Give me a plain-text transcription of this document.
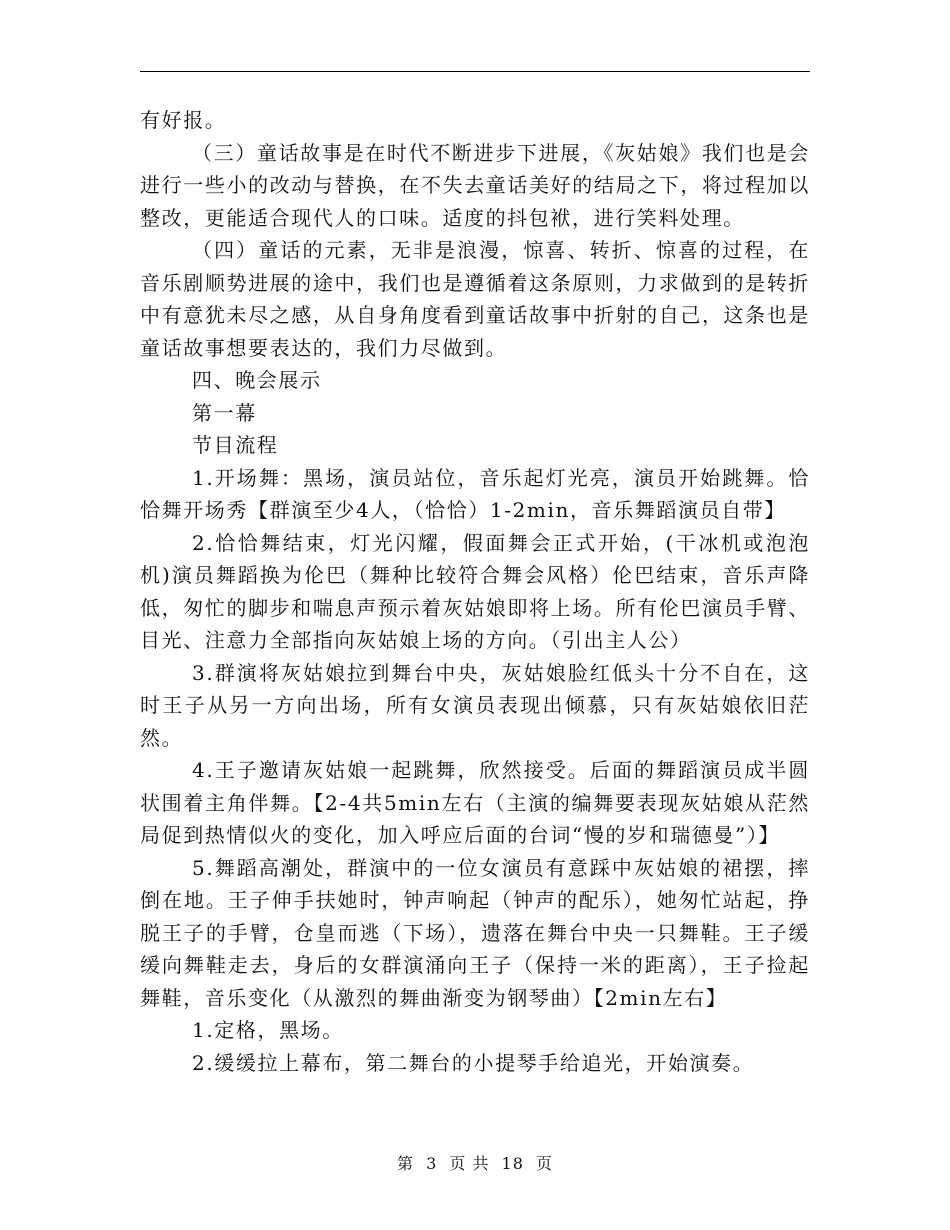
有好报。

（三）童话故事是在时代不断进步下进展，《灰姑娘》我们也是会进行一些小的改动与替换，在不失去童话美好的结局之下，将过程加以整改，更能适合现代人的口味。适度的抖包袱，进行笑料处理。

（四）童话的元素，无非是浪漫，惊喜、转折、惊喜的过程，在音乐剧顺势进展的途中，我们也是遵循着这条原则，力求做到的是转折中有意犹未尽之感，从自身角度看到童话故事中折射的自己，这条也是童话故事想要表达的，我们力尽做到。

四、晚会展示

第一幕

节目流程

1.开场舞：黑场，演员站位，音乐起灯光亮，演员开始跳舞。恰恰舞开场秀【群演至少4人，（恰恰）1-2min，音乐舞蹈演员自带】

2.恰恰舞结束，灯光闪耀，假面舞会正式开始，(干冰机或泡泡机)演员舞蹈换为伦巴（舞种比较符合舞会风格）伦巴结束，音乐声降低，匆忙的脚步和喘息声预示着灰姑娘即将上场。所有伦巴演员手臂、目光、注意力全部指向灰姑娘上场的方向。（引出主人公）

3.群演将灰姑娘拉到舞台中央，灰姑娘脸红低头十分不自在，这时王子从另一方向出场，所有女演员表现出倾慕，只有灰姑娘依旧茫然。

4.王子邀请灰姑娘一起跳舞，欣然接受。后面的舞蹈演员成半圆状围着主角伴舞。【2-4共5min左右（主演的编舞要表现灰姑娘从茫然局促到热情似火的变化，加入呼应后面的台词“慢的岁和瑞德曼”）】

5.舞蹈高潮处，群演中的一位女演员有意踩中灰姑娘的裙摆，摔倒在地。王子伸手扶她时，钟声响起（钟声的配乐），她匆忙站起，挣脱王子的手臂，仓皇而逃（下场），遗落在舞台中央一只舞鞋。王子缓缓向舞鞋走去，身后的女群演涌向王子（保持一米的距离），王子捡起舞鞋，音乐变化（从激烈的舞曲渐变为钢琴曲）【2min左右】

1.定格，黑场。

2.缓缓拉上幕布，第二舞台的小提琴手给追光，开始演奏。

第 3 页 共 18 页
